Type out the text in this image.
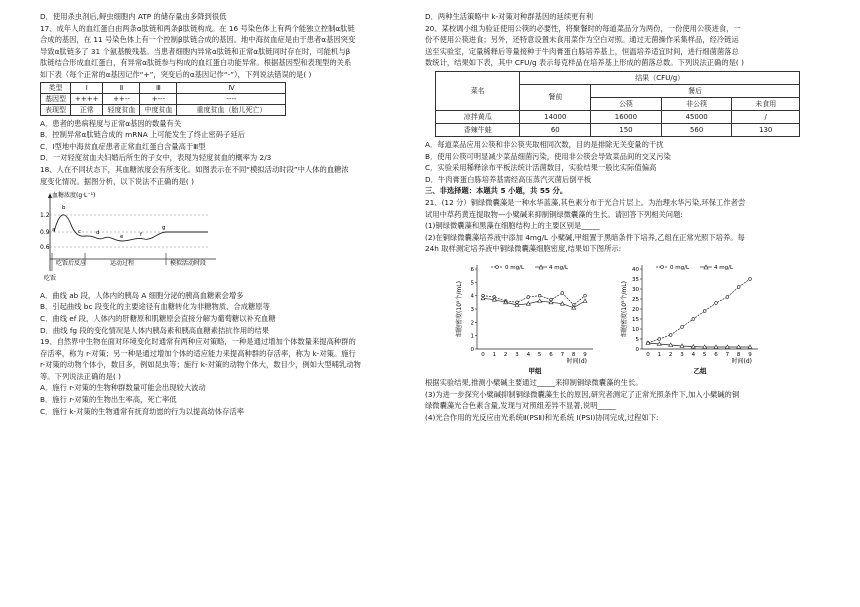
D．使用杀虫剂后,鲟虫细胞内 ATP 的储存量由多降到很低

17、成年人的血红蛋白由两条α肽链和两条β肽链构成。在 16 号染色体上有两个能独立控制α肽链

合成的基因，在 11 号染色体上有一个控制β肽链合成的基因。地中海贫血症是由于患者α基因突变

导致α肽链多了 31 个氨基酸残基。当患者细胞内异常α肽链和正常α肽链同时存在时，可能机与β

肽链结合形成血红蛋白，有异常α肽链参与构成的血红蛋白功能异常。根据基因型和表现型的关系

如下表（每个正常的α基因记作“+”，突变后的α基因记作“-”），下列说法错误的是( )

类型	Ⅰ	Ⅱ	Ⅲ	Ⅳ
基因型	++++	++--	+---	----
表现型	正常	轻度贫血	中度贫血	重度贫血（胎儿死亡）

A．患者的患病程度与正常α基因的数量有关

B．控制异常α肽链合成的 mRNA 上可能发生了终止密码子延后

C．Ⅰ型地中海贫血症患者正常血红蛋白含量高于Ⅲ型

D．一对轻度贫血夫妇婚后所生的子女中，表现为轻度贫血的概率为 2/3

18、人在不同状态下，其血糖浓度会有所变化。如图表示在不同“模拟活动时段”中人体的血糖浓

度变化情况。据图分析，以下说法不正确的是( )

血糖浓度(g·L⁻¹)
1.2
0.9
0.6
a
b
c	d
e	f
g
吃饭后反应	运动过程	模拟活动时段
吃饭

A．曲线 ab 段，人体内的胰岛 A 细胞分泌的胰高血糖素会增多

B．引起曲线 bc 段变化的主要途径有血糖转化为非糖物质、合成糖原等

C．曲线 ef 段，人体内的肝糖原和肌糖原会直接分解为葡萄糖以补充血糖

D．曲线 fg 段的变化情况是人体内胰岛素和胰高血糖素拮抗作用的结果

19、自然界中生物在面对环境变化时通常有两种应对策略，一种是通过增加个体数量来提高种群的

存活率，称为 r-对策；另一种是通过增加个体的适应能力来提高种群的存活率，称为 k-对策。施行

r-对策的动物个体小，数目多，例如昆虫等；施行 k-对策的动物个体大，数目少，例如大型哺乳动物

等。下列说法正确的是( )

A．施行 r-对策的生物种群数量可能会出现较大波动

B．施行 r-对策的生物出生率高，死亡率低

C．施行 k-对策的生物通常有抚育幼崽的行为以提高幼体存活率

D．两种生活策略中 k-对策对种群基因的延续更有利

20、某校调小组为验证使用公筷的必要性，将聚餐时的每道菜品分为两份，一份使用公筷进食，一

份不使用公筷进食；另外，还特意设置未食用菜作为空白对照。通过无菌操作采集样品，经冷链运

送至实验室，定量稀释后等量接种于牛肉膏蛋白胨培养基上，恒温培养适宜时间，进行细菌菌落总

数统计，结果如下表，其中 CFU/g 表示每克样品在培养基上形成的菌落总数。下列说法正确的是( )

菜名	结果（CFU/g）			
	餐前	餐后		
		公筷	非公筷	未食用
凉拌黄瓜	14000	16000	45000	/
香辣牛蛙	60	150	560	130

A．每道菜品应用公筷和非公筷夹取相同次数，目的是排除无关变量的干扰

B．使用公筷可明显减少菜品细菌污染，使用非公筷会导致菜品间的交叉污染

C．实验采用稀释涂布平板法统计活菌数目，实验结果一般比实际值偏高

D．牛肉膏蛋白胨培养基需经高压蒸汽灭菌后倒平板

三、非选择题：本题共 5 小题，共 55 分。

21、(12 分）铜绿微囊藻是一种水华蓝藻,其色素分布于光合片层上。为治理水华污染,环保工作者尝

试用中草药黄连提取物—小檗碱来抑制铜绿微囊藻的生长。请回答下列相关问题:

(1)铜绿微囊藻和黑藻在细胞结构上的主要区别是_____

(2)在铜绿微囊藻培养液中添加 4mg/L 小檗碱,甲组置于黑暗条件下培养,乙组在正常光照下培养。每

24h 取样测定培养液中铜绿微囊藻细胞密度,结果如下图所示:

0
1
2
3
4
5
6
0 1 2 3 4 5 6 7 8 9
时间(d)
细胞密度(10⁵个/mL)
甲组
0 mg/L	4 mg/L
0
5
10
15
20
25
30
35
40
0 1 2 3 4 5 6 7 8 9
时间(d)
细胞密度(10⁵个/mL)
乙组
0 mg/L	4 mg/L

根据实验结果,推测小檗碱主要通过_____来抑制铜绿微囊藻的生长。

(3)为进一步探究小檗碱抑制铜绿微囊藻生长的原因,研究者测定了正常光照条件下,加入小檗碱的铜

绿微囊藻光合色素含量,发现与对照组差异不显著,说明_____

(4)光合作用的光反应由光系统Ⅱ(PSⅡ)和光系统 I(PSI)协同完成,过程如下:
